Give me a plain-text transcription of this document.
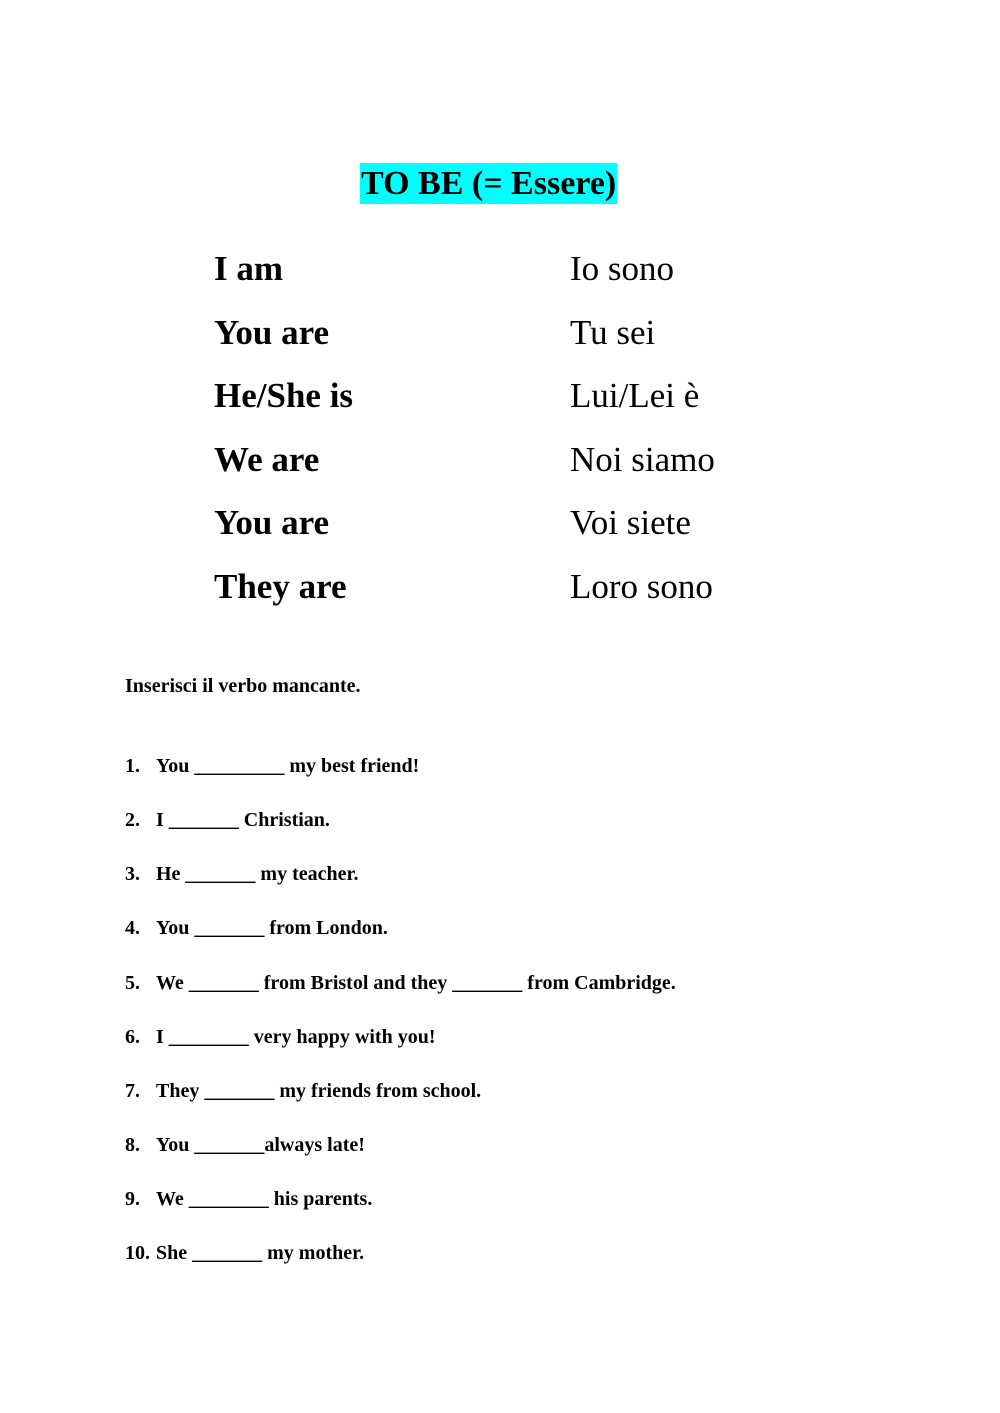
TO BE (= Essere)
I am	Io sono
You are	Tu sei
He/She is	Lui/Lei è
We are	Noi siamo
You are	Voi siete
They are	Loro sono
Inserisci il verbo mancante.
1. You _________ my best friend!
2. I _______ Christian.
3. He _______ my teacher.
4. You _______ from London.
5. We _______ from Bristol and they _______ from Cambridge.
6. I ________ very happy with you!
7. They _______ my friends from school.
8. You _______always late!
9. We ________ his parents.
10. She _______ my mother.
